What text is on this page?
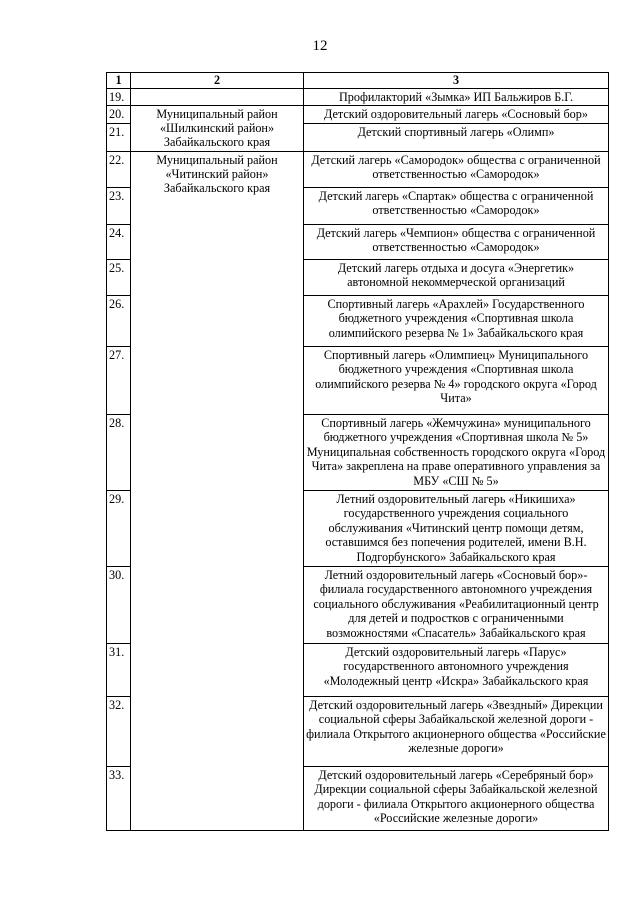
12
1	2	3
19.		Профилакторий «Зымка» ИП Бальжиров Б.Г.
20.	Муниципальный район «Шилкинский район» Забайкальского края	Детский оздоровительный лагерь «Сосновый бор»
21.		Детский спортивный лагерь «Олимп»
22.	Муниципальный район «Читинский район» Забайкальского края	Детский лагерь «Самородок» общества с ограниченной ответственностью «Самородок»
23.		Детский лагерь «Спартак» общества с ограниченной ответственностью «Самородок»
24.		Детский лагерь «Чемпион» общества с ограниченной ответственностью «Самородок»
25.		Детский лагерь отдыха и досуга «Энергетик» автономной некоммерческой организаций
26.		Спортивный лагерь «Арахлей» Государственного бюджетного учреждения «Спортивная школа олимпийского резерва № 1» Забайкальского края
27.		Спортивный лагерь «Олимпиец» Муниципального бюджетного учреждения «Спортивная школа олимпийского резерва № 4» городского округа «Город Чита»
28.		Спортивный лагерь «Жемчужина» муниципального бюджетного учреждения «Спортивная школа № 5» Муниципальная собственность городского округа «Город Чита» закреплена на праве оперативного управления за МБУ «СШ № 5»
29.		Летний оздоровительный лагерь «Никишиха» государственного учреждения социального обслуживания «Читинский центр помощи детям, оставшимся без попечения родителей, имени В.Н. Подгорбунского» Забайкальского края
30.		Летний оздоровительный лагерь «Сосновый бор»- филиала государственного автономного учреждения социального обслуживания «Реабилитационный центр для детей и подростков с ограниченными возможностями «Спасатель» Забайкальского края
31.		Детский оздоровительный лагерь «Парус» государственного автономного учреждения «Молодежный центр «Искра» Забайкальского края
32.		Детский оздоровительный лагерь «Звездный» Дирекции социальной сферы Забайкальской железной дороги - филиала Открытого акционерного общества «Российские железные дороги»
33.		Детский оздоровительный лагерь «Серебряный бор» Дирекции социальной сферы Забайкальской железной дороги - филиала Открытого акционерного общества «Российские железные дороги»
